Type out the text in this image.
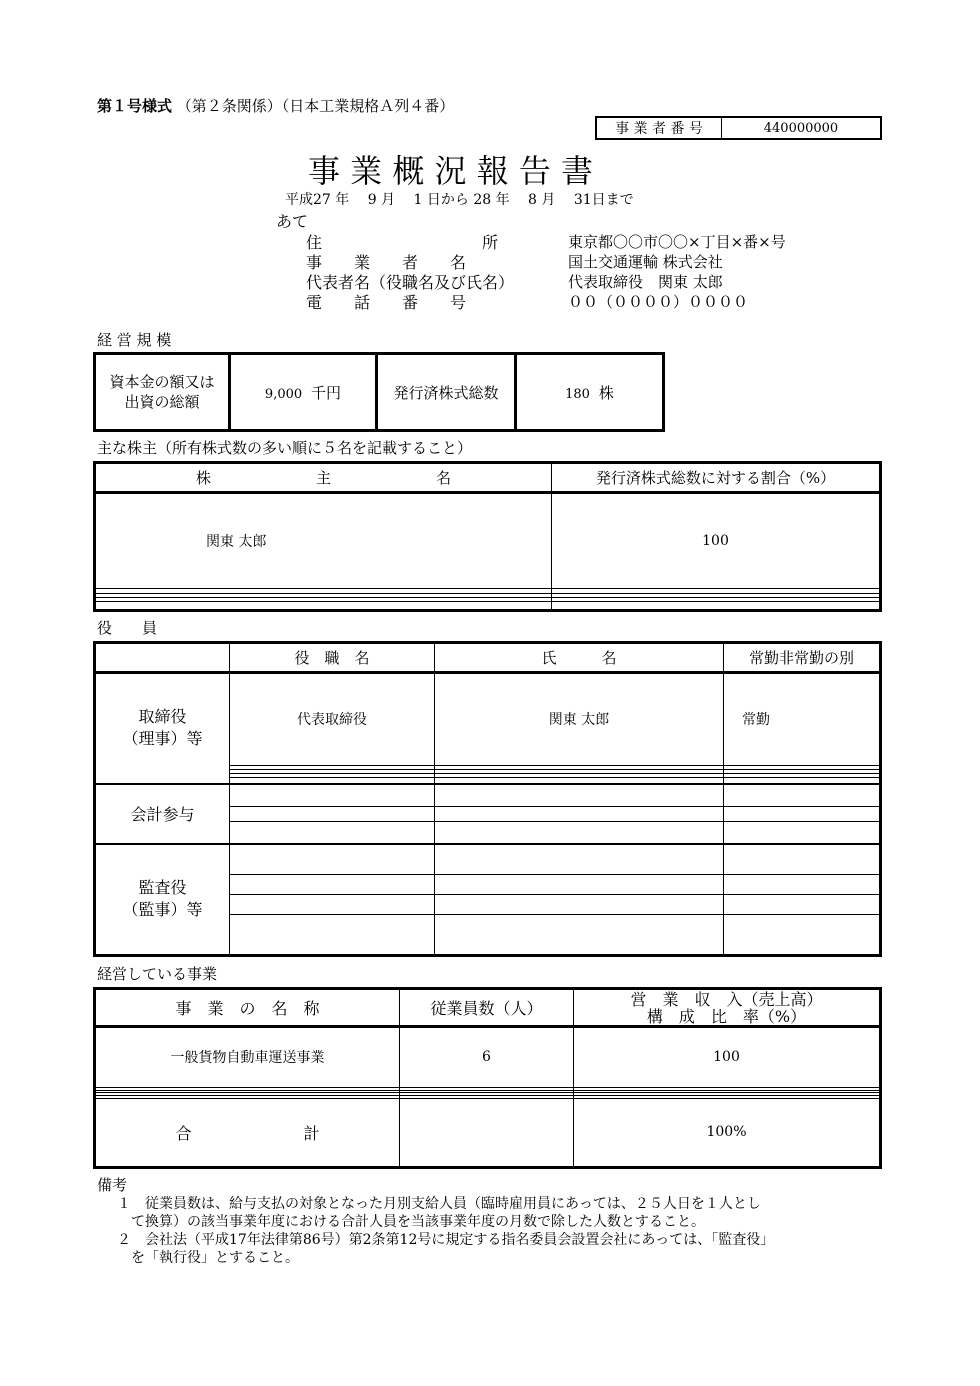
第１号様式 （第２条関係）（日本工業規格Ａ列４番）
事 業 者 番 号	440000000
事 業 概 況 報 告 書
平成27 年　 9 月　 1 日から 28 年　 8 月　 31日まで
あて
住　　　　　　　　　　所	東京都〇〇市〇〇×丁目×番×号
事　　業　　者　　名	国土交通運輸 株式会社
代表者名（役職名及び氏名）	代表取締役　関東 太郎
電　　話　　番　　号	００（００００）００００
経 営 規 模
資本金の額又は
出資の総額	9,000 千円	発行済株式総数	180 株
主な株主（所有株式数の多い順に５名を記載すること）
株　　　　　　　主　　　　　　　名	発行済株式総数に対する割合（%）
関東 太郎	100

役　　員
	役　職　名	氏　　　名	常勤非常勤の別

取締役
（理事）等	代表取締役	関東 太郎	常勤

会計参与			

監査役
（監事）等			

経営している事業
事　業　の　名　称	従業員数（人）	営　業　収　入（売上高）
構　成　比　率（%）

一般貨物自動車運送事業	6	100

合　　　　　　　計		100%
備考
１　従業員数は、給与支払の対象となった月別支給人員（臨時雇用員にあっては、２５人日を１人とし
て換算）の該当事業年度における合計人員を当該事業年度の月数で除した人数とすること。
２　会社法（平成17年法律第86号）第2条第12号に規定する指名委員会設置会社にあっては、「監査役」
を「執行役」とすること。
